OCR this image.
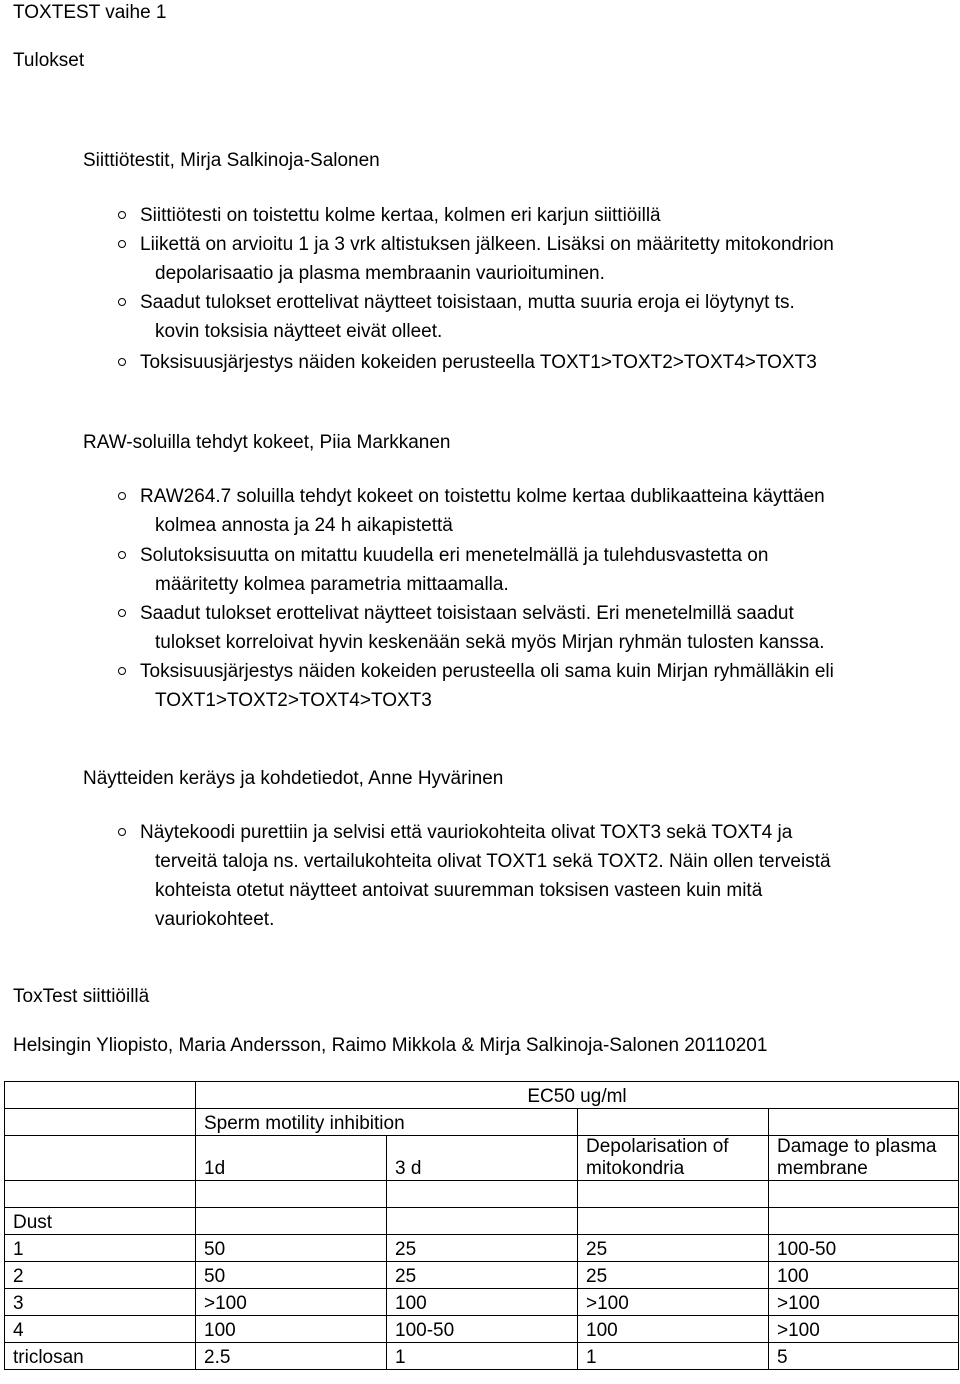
TOXTEST vaihe 1
Tulokset
Siittiötestit, Mirja Salkinoja-Salonen
Siittiötesti on toistettu kolme kertaa, kolmen eri karjun siittiöillä
Liikettä on arvioitu 1 ja 3 vrk altistuksen jälkeen. Lisäksi on määritetty mitokondrion
depolarisaatio ja plasma membraanin vaurioituminen.
Saadut tulokset erottelivat näytteet toisistaan, mutta suuria eroja ei löytynyt ts.
kovin toksisia näytteet eivät olleet.
Toksisuusjärjestys näiden kokeiden perusteella TOXT1>TOXT2>TOXT4>TOXT3
RAW-soluilla tehdyt kokeet, Piia Markkanen
RAW264.7 soluilla tehdyt kokeet on toistettu kolme kertaa dublikaatteina käyttäen
kolmea annosta ja 24 h aikapistettä
Solutoksisuutta on mitattu kuudella eri menetelmällä ja tulehdusvastetta on
määritetty kolmea parametria mittaamalla.
Saadut tulokset erottelivat näytteet toisistaan selvästi. Eri menetelmillä saadut
tulokset korreloivat hyvin keskenään sekä myös Mirjan ryhmän tulosten kanssa.
Toksisuusjärjestys näiden kokeiden perusteella oli sama kuin Mirjan ryhmälläkin eli
TOXT1>TOXT2>TOXT4>TOXT3
Näytteiden keräys ja kohdetiedot, Anne Hyvärinen
Näytekoodi purettiin ja selvisi että vauriokohteita olivat TOXT3 sekä TOXT4 ja
terveitä taloja ns. vertailukohteita olivat TOXT1 sekä TOXT2. Näin ollen terveistä
kohteista otetut näytteet antoivat suuremman toksisen vasteen kuin mitä
vauriokohteet.
ToxTest siittiöillä
Helsingin Yliopisto, Maria Andersson, Raimo Mikkola & Mirja Salkinoja-Salonen 20110201
	EC50 ug/ml			
	Sperm motility inhibition			
	1d	3 d	Depolarisation of mitokondria	Damage to plasma membrane

Dust				
1	50	25	25	100-50
2	50	25	25	100
3	>100	100	>100	>100
4	100	100-50	100	>100
triclosan	2.5	1	1	5
